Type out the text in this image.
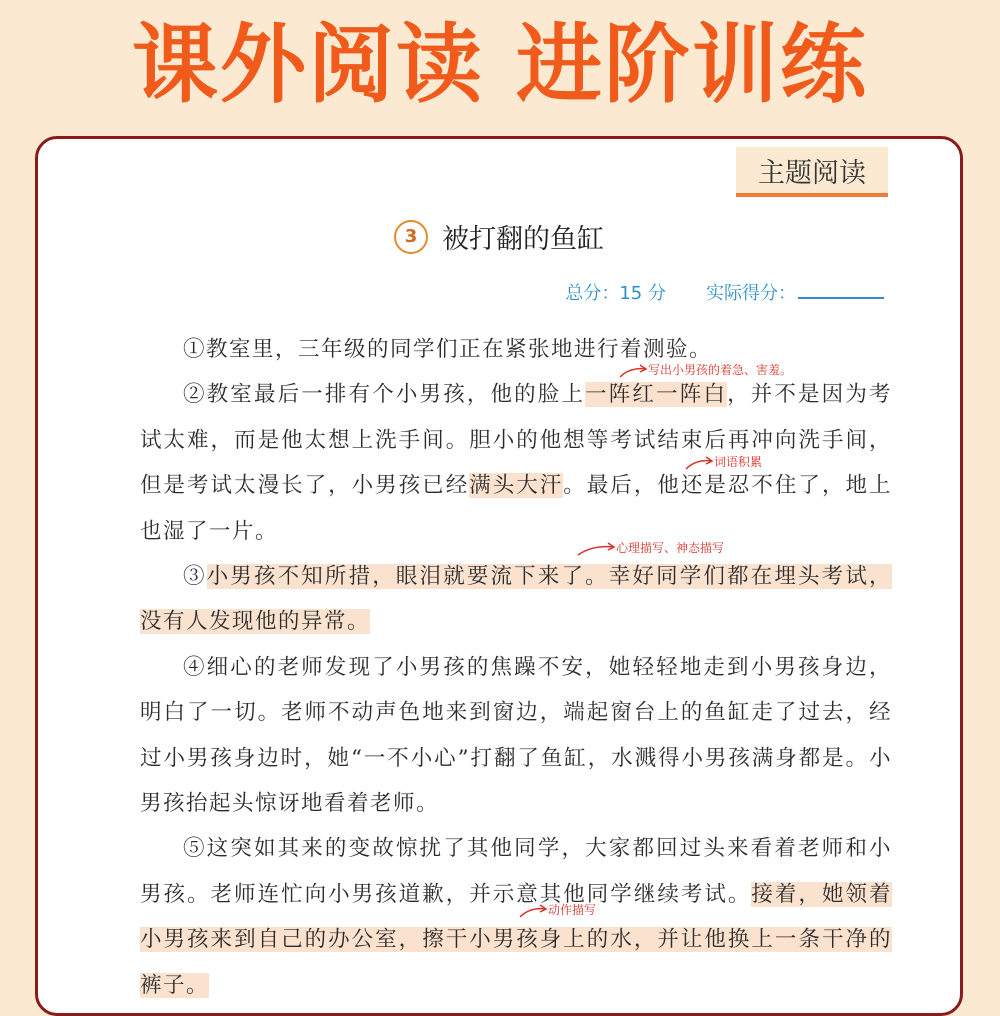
课外阅读 进阶训练
主题阅读
3 被打翻的鱼缸
总分：15 分 实际得分：

①教室里，三年级的同学们正在紧张地进行着测验。

②教室最后一排有个小男孩，他的脸上一阵红一阵白，并不是因为考试太难，而是他太想上洗手间。胆小的他想等考试结束后再冲向洗手间，但是考试太漫长了，小男孩已经满头大汗。最后，他还是忍不住了，地上也湿了一片。

③小男孩不知所措，眼泪就要流下来了。幸好同学们都在埋头考试，没有人发现他的异常。

④细心的老师发现了小男孩的焦躁不安，她轻轻地走到小男孩身边，明白了一切。老师不动声色地来到窗边，端起窗台上的鱼缸走了过去，经过小男孩身边时，她“一不小心”打翻了鱼缸，水溅得小男孩满身都是。小男孩抬起头惊讶地看着老师。

⑤这突如其来的变故惊扰了其他同学，大家都回过头来看着老师和小男孩。老师连忙向小男孩道歉，并示意其他同学继续考试。接着，她领着小男孩来到自己的办公室，擦干小男孩身上的水，并让他换上一条干净的裤子。

写出小男孩的着急、害羞。
词语积累
心理描写、神态描写
动作描写
